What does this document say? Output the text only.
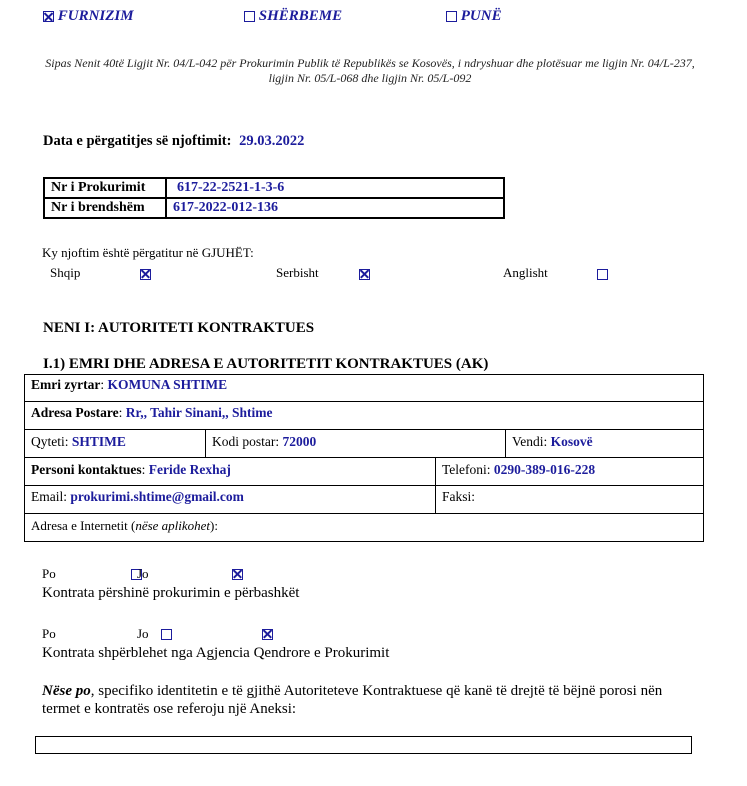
FURNIZIM	SHËRBEME	PUNË
Sipas Nenit 40të Ligjit Nr. 04/L-042 për Prokurimin Publik të Republikës se Kosovës, i ndryshuar dhe plotësuar me ligjin Nr. 04/L-237, ligjin Nr. 05/L-068 dhe ligjin Nr. 05/L-092
Data e përgatitjes së njoftimit: 29.03.2022
Nr i Prokurimit	617-22-2521-1-3-6
Nr i brendshëm	617-2022-012-136
Ky njoftim është përgatitur në GJUHËT:
Shqip
	Serbisht
	Anglisht

NENI I: AUTORITETI KONTRAKTUES
I.1) EMRI DHE ADRESA E AUTORITETIT KONTRAKTUES (AK)
Emri zyrtar: KOMUNA SHTIME
Adresa Postare: Rr,, Tahir Sinani,, Shtime
Qyteti: SHTIME	Kodi postar: 72000	Vendi: Kosovë
Personi kontaktues: Feride Rexhaj	Telefoni: 0290-389-016-228
Email: prokurimi.shtime@gmail.com	Faksi:
Adresa e Internetit (nëse aplikohet):
Po
	Jo

Kontrata përshinë prokurimin e përbashkët
Po
	Jo
Kontrata shpërblehet nga Agjencia Qendrore e Prokurimit
Nëse po, specifiko identitetin e të gjithë Autoriteteve Kontraktuese që kanë të drejtë të bëjnë porosi nën termet e kontratës ose referoju një Aneksi:
